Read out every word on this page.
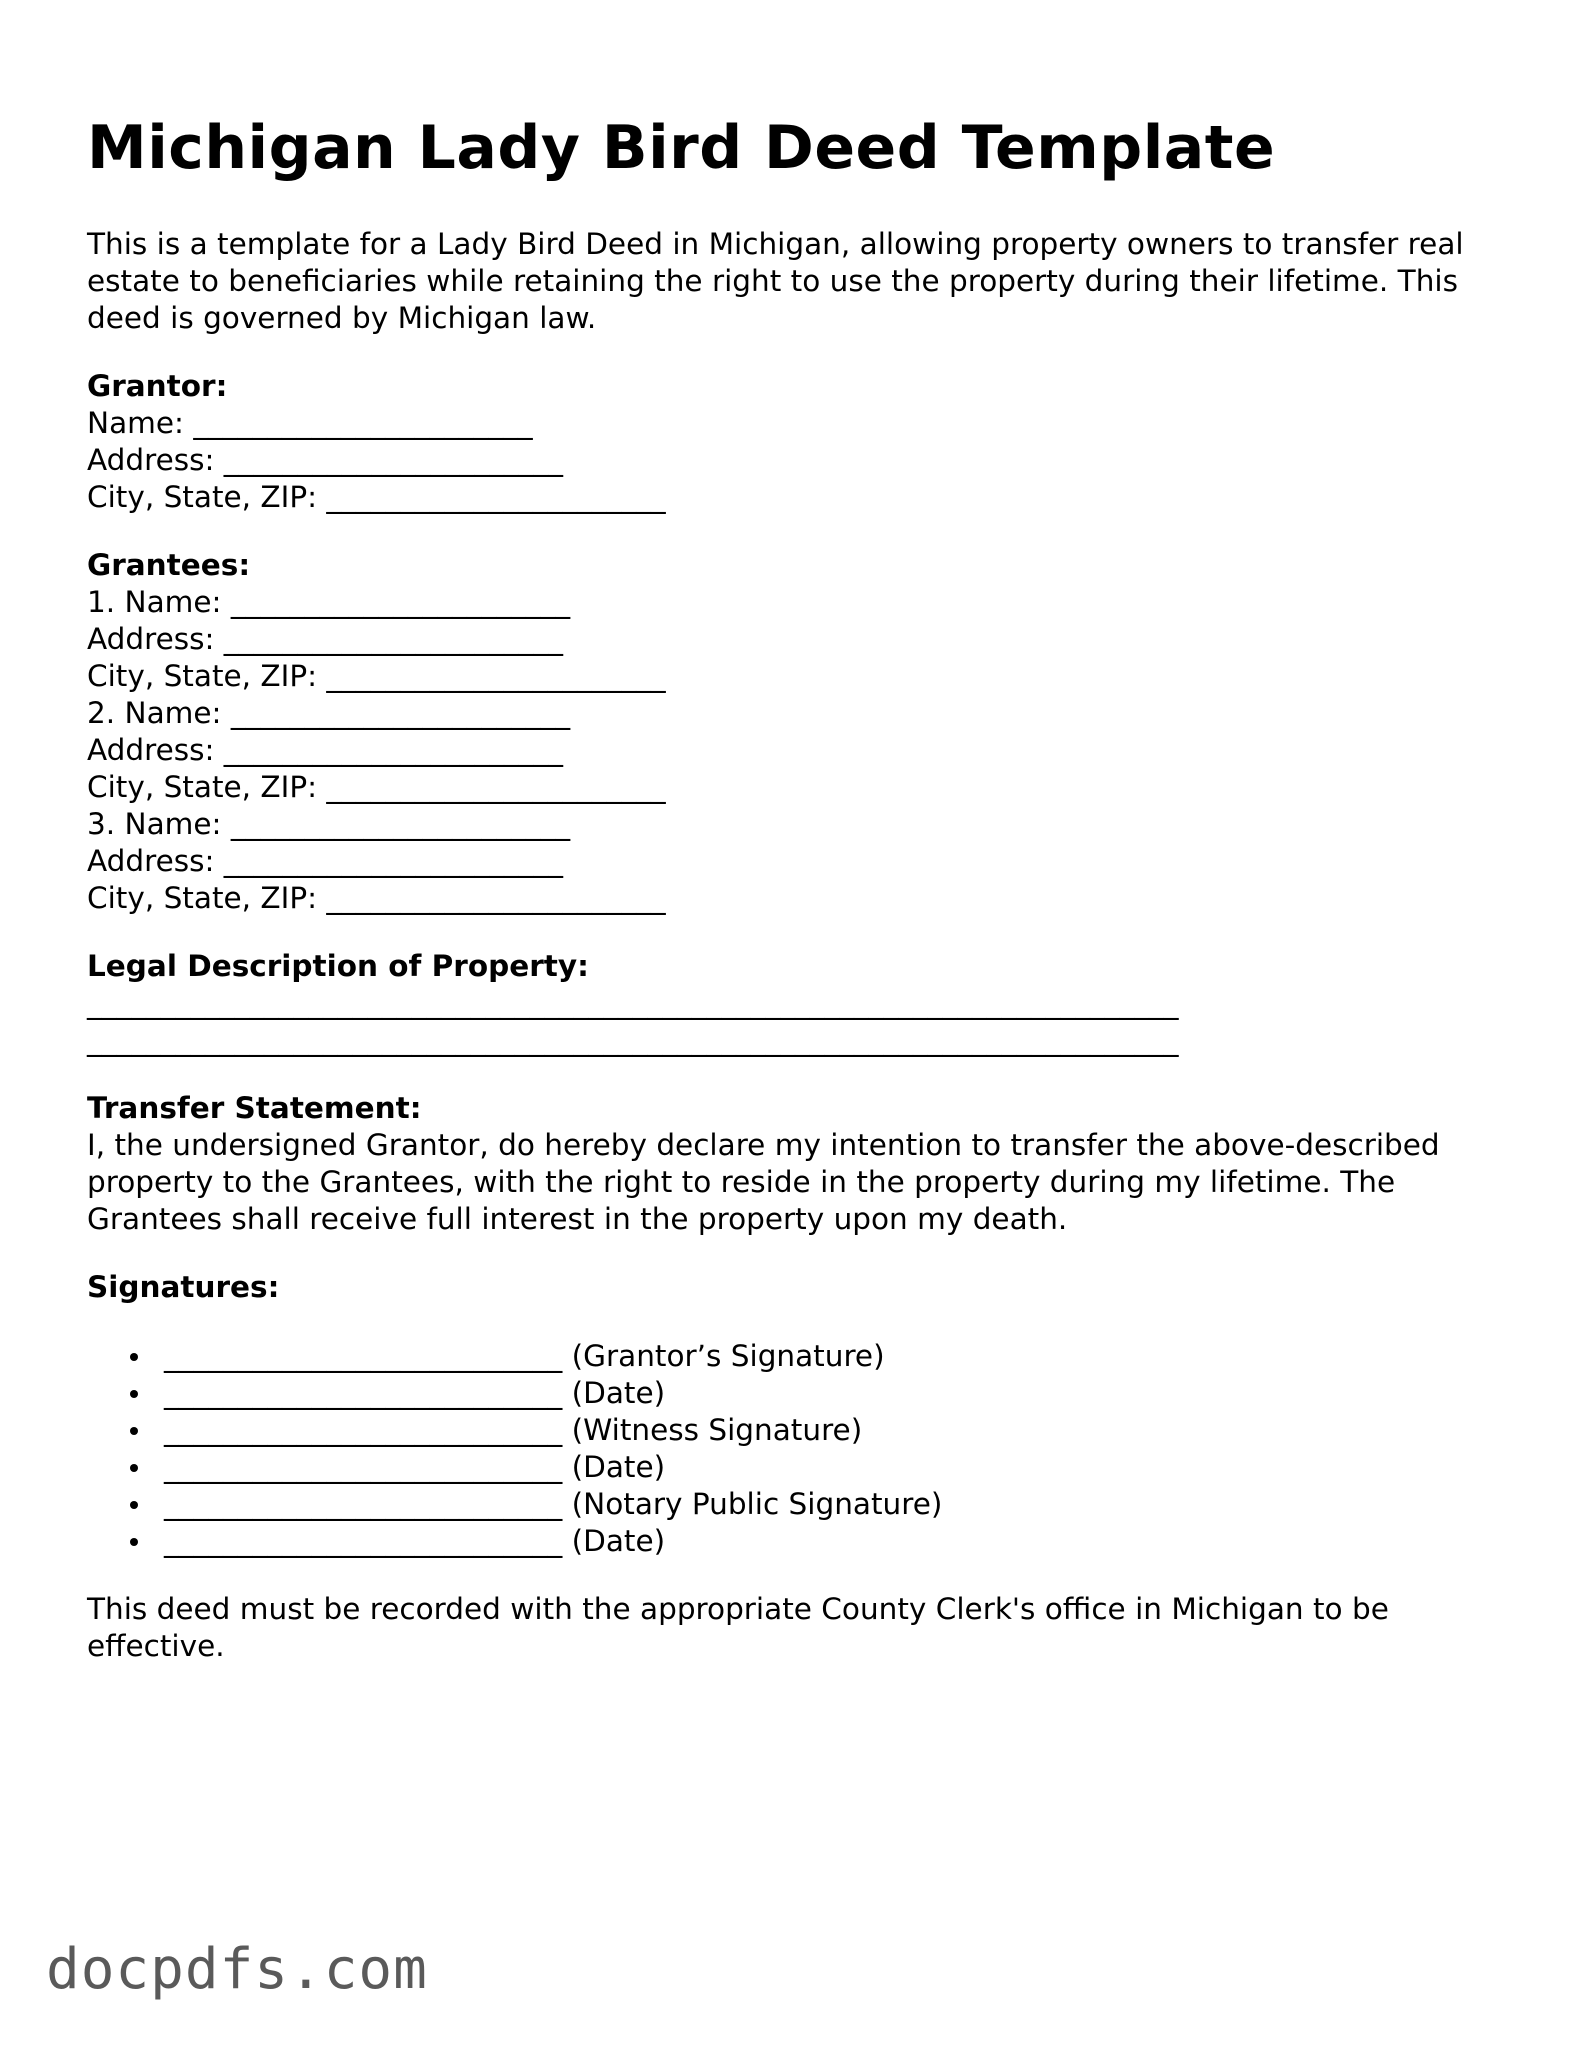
Michigan Lady Bird Deed Template

This is a template for a Lady Bird Deed in Michigan, allowing property owners to transfer real estate to beneficiaries while retaining the right to use the property during their lifetime. This deed is governed by Michigan law.

Grantor:
Name: _______________________
Address: _______________________
City, State, ZIP: _______________________
Grantees:
1. Name: _______________________
Address: _______________________
City, State, ZIP: _______________________
2. Name: _______________________
Address: _______________________
City, State, ZIP: _______________________
3. Name: _______________________
Address: _______________________
City, State, ZIP: _______________________
Legal Description of Property:
__________________________________________________________________________
__________________________________________________________________________
Transfer Statement:

I, the undersigned Grantor, do hereby declare my intention to transfer the above-described property to the Grantees, with the right to reside in the property during my lifetime. The Grantees shall receive full interest in the property upon my death.

Signatures:
___________________________ (Grantor’s Signature)
___________________________ (Date)
___________________________ (Witness Signature)
___________________________ (Date)
___________________________ (Notary Public Signature)
___________________________ (Date)

This deed must be recorded with the appropriate County Clerk's office in Michigan to be effective.

docpdfs.com
